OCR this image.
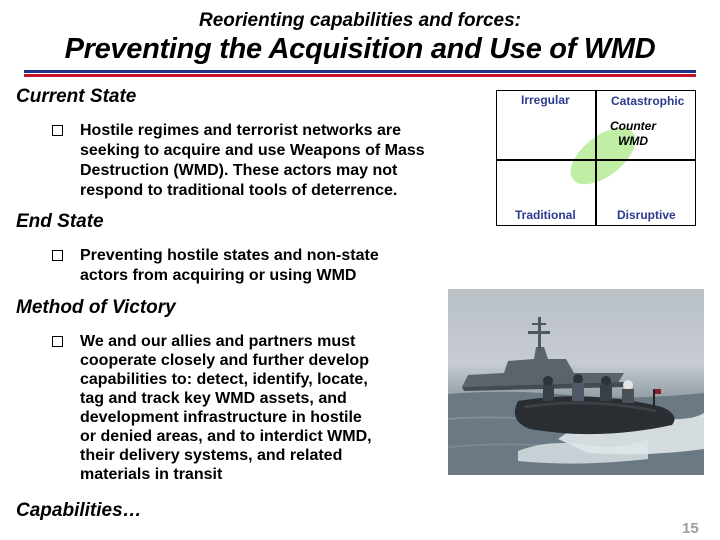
Reorienting capabilities and forces:
Preventing the Acquisition and Use of WMD
Current State
Hostile regimes and terrorist networks are
seeking to acquire and use Weapons of Mass
Destruction (WMD). These actors may not
respond to traditional tools of deterrence.
End State
Preventing hostile states and non-state
actors from acquiring or using WMD
Method of Victory
We and our allies and partners must
cooperate closely and further develop
capabilities to: detect, identify, locate,
tag and track key WMD assets, and
development infrastructure in hostile
or denied areas, and to interdict WMD,
their delivery systems, and related
materials in transit
Capabilities…
Irregular	Catastrophic
Traditional	Disruptive
Counter
WMD
15
